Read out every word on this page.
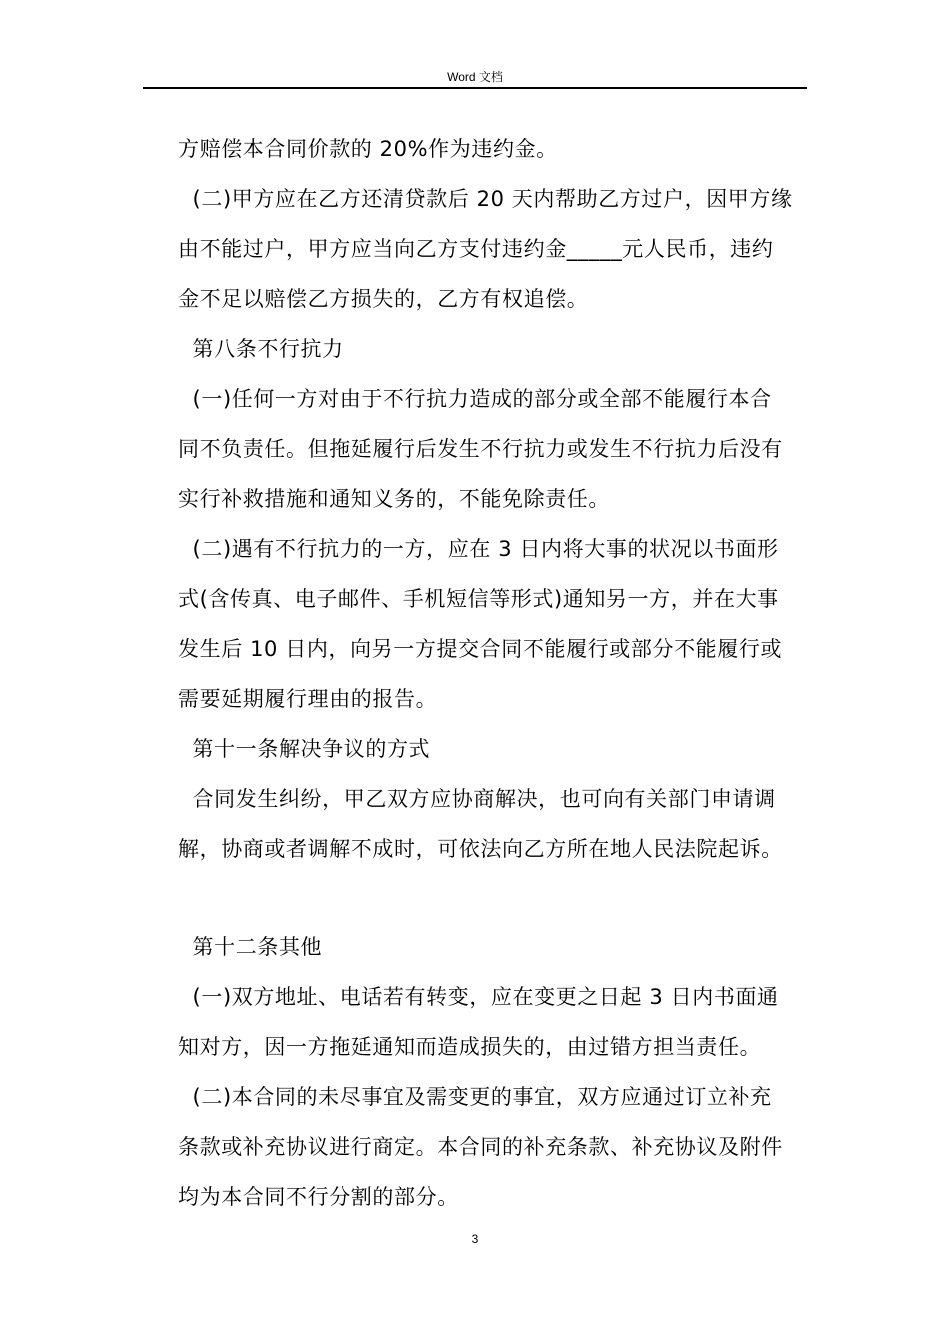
Word 文档
方赔偿本合同价款的 20%作为违约金。
(二)甲方应在乙方还清贷款后 20 天内帮助乙方过户，因甲方缘
由不能过户，甲方应当向乙方支付违约金_____元人民币，违约
金不足以赔偿乙方损失的，乙方有权追偿。
第八条不行抗力
(一)任何一方对由于不行抗力造成的部分或全部不能履行本合
同不负责任。但拖延履行后发生不行抗力或发生不行抗力后没有
实行补救措施和通知义务的，不能免除责任。
(二)遇有不行抗力的一方，应在 3 日内将大事的状况以书面形
式(含传真、电子邮件、手机短信等形式)通知另一方，并在大事
发生后 10 日内，向另一方提交合同不能履行或部分不能履行或
需要延期履行理由的报告。
第十一条解决争议的方式
合同发生纠纷，甲乙双方应协商解决，也可向有关部门申请调
解，协商或者调解不成时，可依法向乙方所在地人民法院起诉。
第十二条其他
(一)双方地址、电话若有转变，应在变更之日起 3 日内书面通
知对方，因一方拖延通知而造成损失的，由过错方担当责任。
(二)本合同的未尽事宜及需变更的事宜，双方应通过订立补充
条款或补充协议进行商定。本合同的补充条款、补充协议及附件
均为本合同不行分割的部分。
3
